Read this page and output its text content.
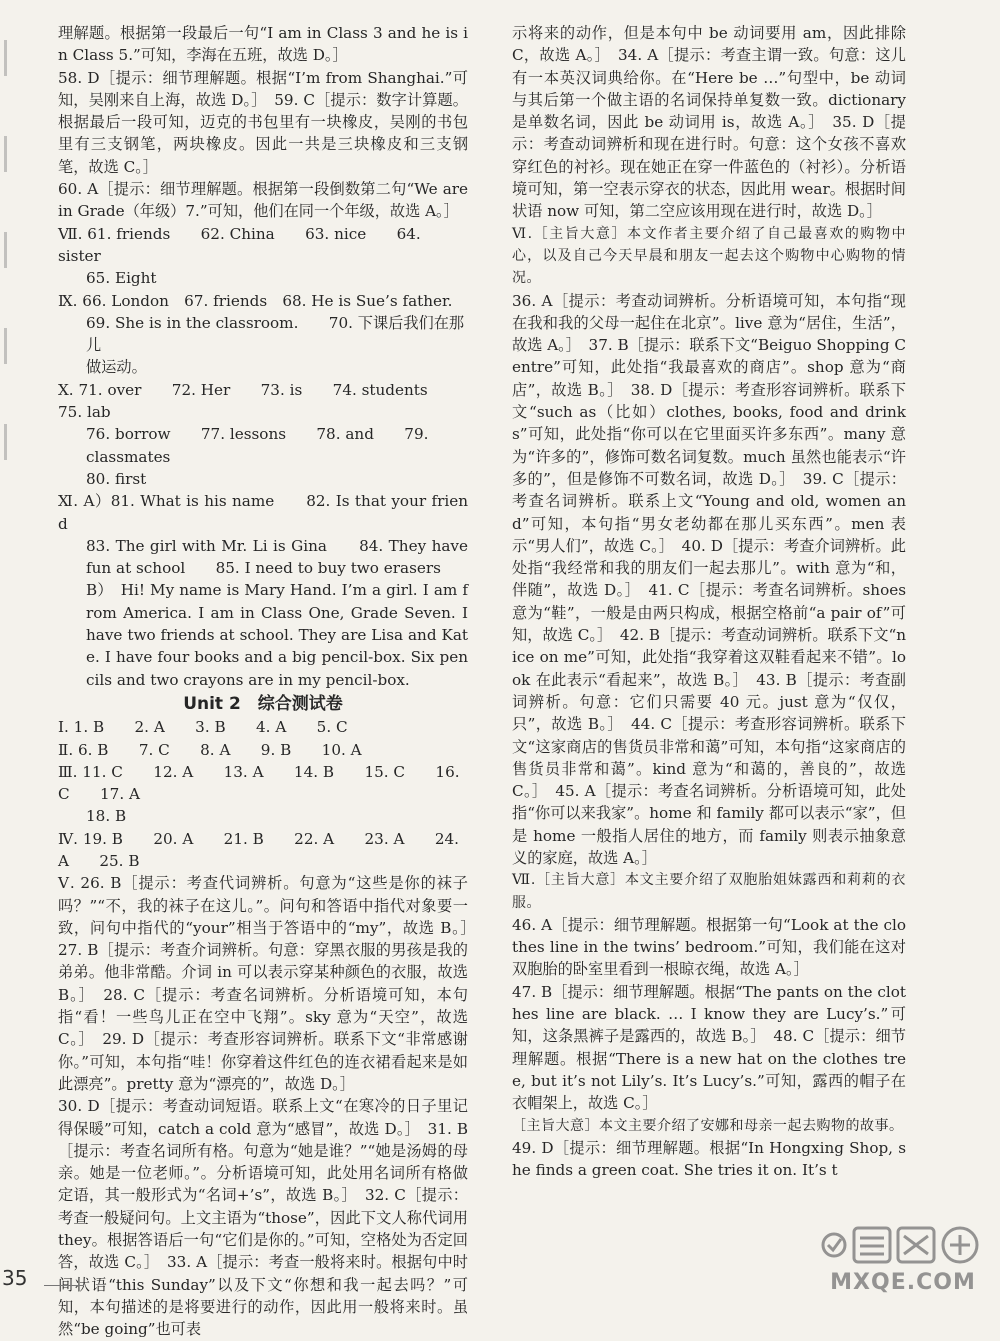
理解题。根据第一段最后一句“I am in Class 3 and he is in Class 5.”可知，李海在五班，故选 D。］

58. D［提示：细节理解题。根据“I’m from Shanghai.”可知，吴刚来自上海，故选 D。］　59. C［提示：数字计算题。根据最后一段可知，迈克的书包里有一块橡皮，吴刚的书包里有三支钢笔，两块橡皮。因此一共是三块橡皮和三支钢笔，故选 C。］

60. A［提示：细节理解题。根据第一段倒数第二句“We are in Grade（年级）7.”可知，他们在同一个年级，故选 A。］

Ⅶ. 61. friends　　62. China　　63. nice　　64. sister

65. Eight

Ⅸ. 66. London　67. friends　68. He is Sue’s father.

69. She is in the classroom.　　70. 下课后我们在那儿

做运动。

Ⅹ. 71. over　　72. Her　　73. is　　74. students　　75. lab

76. borrow　　77. lessons　　78. and　　79. classmates

80. first

Ⅺ. A）81. What is his name　　82. Is that your friend

83. The girl with Mr. Li is Gina　　84. They have fun at school　　85. I need to buy two erasers

B）　Hi! My name is Mary Hand. I’m a girl. I am from America. I am in Class One, Grade Seven. I have two friends at school. They are Lisa and Kate. I have four books and a big pencil-box. Six pencils and two crayons are in my pencil-box.

Unit 2　综合测试卷

Ⅰ. 1. B　　2. A　　3. B　　4. A　　5. C

Ⅱ. 6. B　　7. C　　8. A　　9. B　　10. A

Ⅲ. 11. C　　12. A　　13. A　　14. B　　15. C　　16. C　　17. A

18. B

Ⅳ. 19. B　　20. A　　21. B　　22. A　　23. A　　24. A　　25. B

Ⅴ. 26. B［提示：考查代词辨析。句意为“这些是你的袜子吗？”“不，我的袜子在这儿。”。问句和答语中指代对象要一致，问句中指代的“your”相当于答语中的“my”，故选 B。］　27. B［提示：考查介词辨析。句意：穿黑衣服的男孩是我的弟弟。他非常酷。介词 in 可以表示穿某种颜色的衣服，故选 B。］　28. C［提示：考查名词辨析。分析语境可知，本句指“看！一些鸟儿正在空中飞翔”。sky 意为“天空”，故选 C。］　29. D［提示：考查形容词辨析。联系下文“非常感谢你。”可知，本句指“哇！你穿着这件红色的连衣裙看起来是如此漂亮”。pretty 意为“漂亮的”，故选 D。］

30. D［提示：考查动词短语。联系上文“在寒冷的日子里记得保暖”可知，catch a cold 意为“感冒”，故选 D。］　31. B［提示：考查名词所有格。句意为“她是谁？”“她是汤姆的母亲。她是一位老师。”。分析语境可知，此处用名词所有格做定语，其一般形式为“名词+’s”，故选 B。］　32. C［提示：考查一般疑问句。上文主语为“those”，因此下文人称代词用 they。根据答语后一句“它们是你的。”可知，空格处为否定回答，故选 C。］　33. A［提示：考查一般将来时。根据句中时间状语“this Sunday”以及下文“你想和我一起去吗？”可知，本句描述的是将要进行的动作，因此用一般将来时。虽然“be going”也可表

示将来的动作，但是本句中 be 动词要用 am，因此排除 C，故选 A。］　34. A［提示：考查主谓一致。句意：这儿有一本英汉词典给你。在“Here be …”句型中，be 动词与其后第一个做主语的名词保持单复数一致。dictionary 是单数名词，因此 be 动词用 is，故选 A。］　35. D［提示：考查动词辨析和现在进行时。句意：这个女孩不喜欢穿红色的衬衫。现在她正在穿一件蓝色的（衬衫）。分析语境可知，第一空表示穿衣的状态，因此用 wear。根据时间状语 now 可知，第二空应该用现在进行时，故选 D。］

Ⅵ.［主旨大意］本文作者主要介绍了自己最喜欢的购物中心，以及自己今天早晨和朋友一起去这个购物中心购物的情况。

36. A［提示：考查动词辨析。分析语境可知，本句指“现在我和我的父母一起住在北京”。live 意为“居住，生活”，故选 A。］　37. B［提示：联系下文“Beiguo Shopping Centre”可知，此处指“我最喜欢的商店”。shop 意为“商店”，故选 B。］　38. D［提示：考查形容词辨析。联系下文“such as（比如）clothes, books, food and drinks”可知，此处指“你可以在它里面买许多东西”。many 意为“许多的”，修饰可数名词复数。much 虽然也能表示“许多的”，但是修饰不可数名词，故选 D。］　39. C［提示：考查名词辨析。联系上文“Young and old, women and”可知，本句指“男女老幼都在那儿买东西”。men 表示“男人们”，故选 C。］　40. D［提示：考查介词辨析。此处指“我经常和我的朋友们一起去那儿”。with 意为“和，伴随”，故选 D。］　41. C［提示：考查名词辨析。shoes 意为“鞋”，一般是由两只构成，根据空格前“a pair of”可知，故选 C。］　42. B［提示：考查动词辨析。联系下文“nice on me”可知，此处指“我穿着这双鞋看起来不错”。look 在此表示“看起来”，故选 B。］　43. B［提示：考查副词辨析。句意：它们只需要 40 元。just 意为“仅仅，只”，故选 B。］　44. C［提示：考查形容词辨析。联系下文“这家商店的售货员非常和蔼”可知，本句指“这家商店的售货员非常和蔼”。kind 意为“和蔼的，善良的”，故选 C。］　45. A［提示：考查名词辨析。分析语境可知，此处指“你可以来我家”。home 和 family 都可以表示“家”，但是 home 一般指人居住的地方，而 family 则表示抽象意义的家庭，故选 A。］

Ⅶ.［主旨大意］本文主要介绍了双胞胎姐妹露西和莉莉的衣服。

46. A［提示：细节理解题。根据第一句“Look at the clothes line in the twins’ bedroom.”可知，我们能在这对双胞胎的卧室里看到一根晾衣绳，故选 A。］

47. B［提示：细节理解题。根据“The pants on the clothes line are black. … I know they are Lucy’s.”可知，这条黑裤子是露西的，故选 B。］　48. C［提示：细节理解题。根据“There is a new hat on the clothes tree, but it’s not Lily’s. It’s Lucy’s.”可知，露西的帽子在衣帽架上，故选 C。］

［主旨大意］本文主要介绍了安娜和母亲一起去购物的故事。

49. D［提示：细节理解题。根据“In Hongxing Shop, she finds a green coat. She tries it on. It’s t

35	MXQE.COM
